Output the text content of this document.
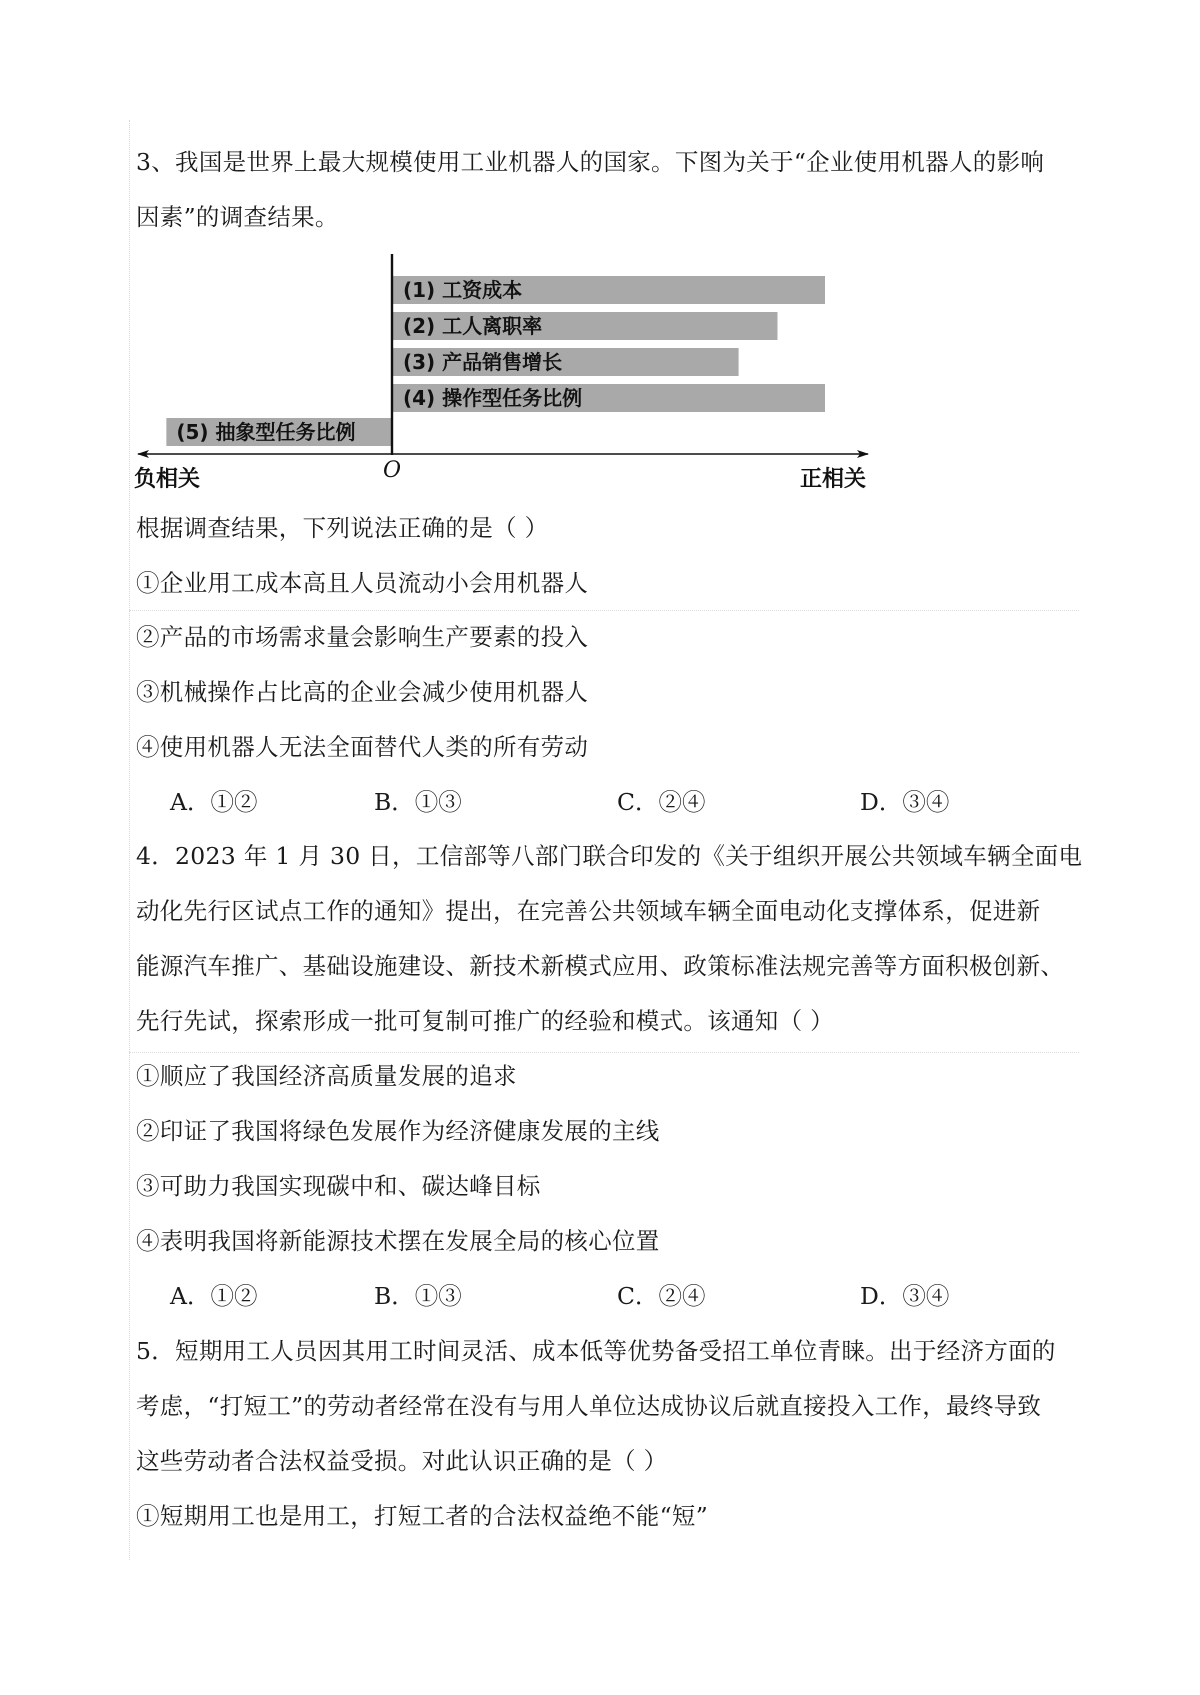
3、我国是世界上最大规模使用工业机器人的国家。下图为关于“企业使用机器人的影响

因素”的调查结果。

(1) 工资成本
(2) 工人离职率
(3) 产品销售增长
(4) 操作型任务比例
(5) 抽象型任务比例
负相关	O	正相关

根据调查结果，下列说法正确的是（ ）

①企业用工成本高且人员流动小会用机器人

②产品的市场需求量会影响生产要素的投入

③机械操作占比高的企业会减少使用机器人

④使用机器人无法全面替代人类的所有劳动

A．①②	B．①③	C．②④	D．③④

4．2023 年 1 月 30 日，工信部等八部门联合印发的《关于组织开展公共领域车辆全面电

动化先行区试点工作的通知》提出，在完善公共领域车辆全面电动化支撑体系，促进新

能源汽车推广、基础设施建设、新技术新模式应用、政策标准法规完善等方面积极创新、

先行先试，探索形成一批可复制可推广的经验和模式。该通知（ ）

①顺应了我国经济高质量发展的追求

②印证了我国将绿色发展作为经济健康发展的主线

③可助力我国实现碳中和、碳达峰目标

④表明我国将新能源技术摆在发展全局的核心位置

A．①②	B．①③	C．②④	D．③④

5．短期用工人员因其用工时间灵活、成本低等优势备受招工单位青睐。出于经济方面的

考虑，“打短工”的劳动者经常在没有与用人单位达成协议后就直接投入工作，最终导致

这些劳动者合法权益受损。对此认识正确的是（ ）

①短期用工也是用工，打短工者的合法权益绝不能“短”
